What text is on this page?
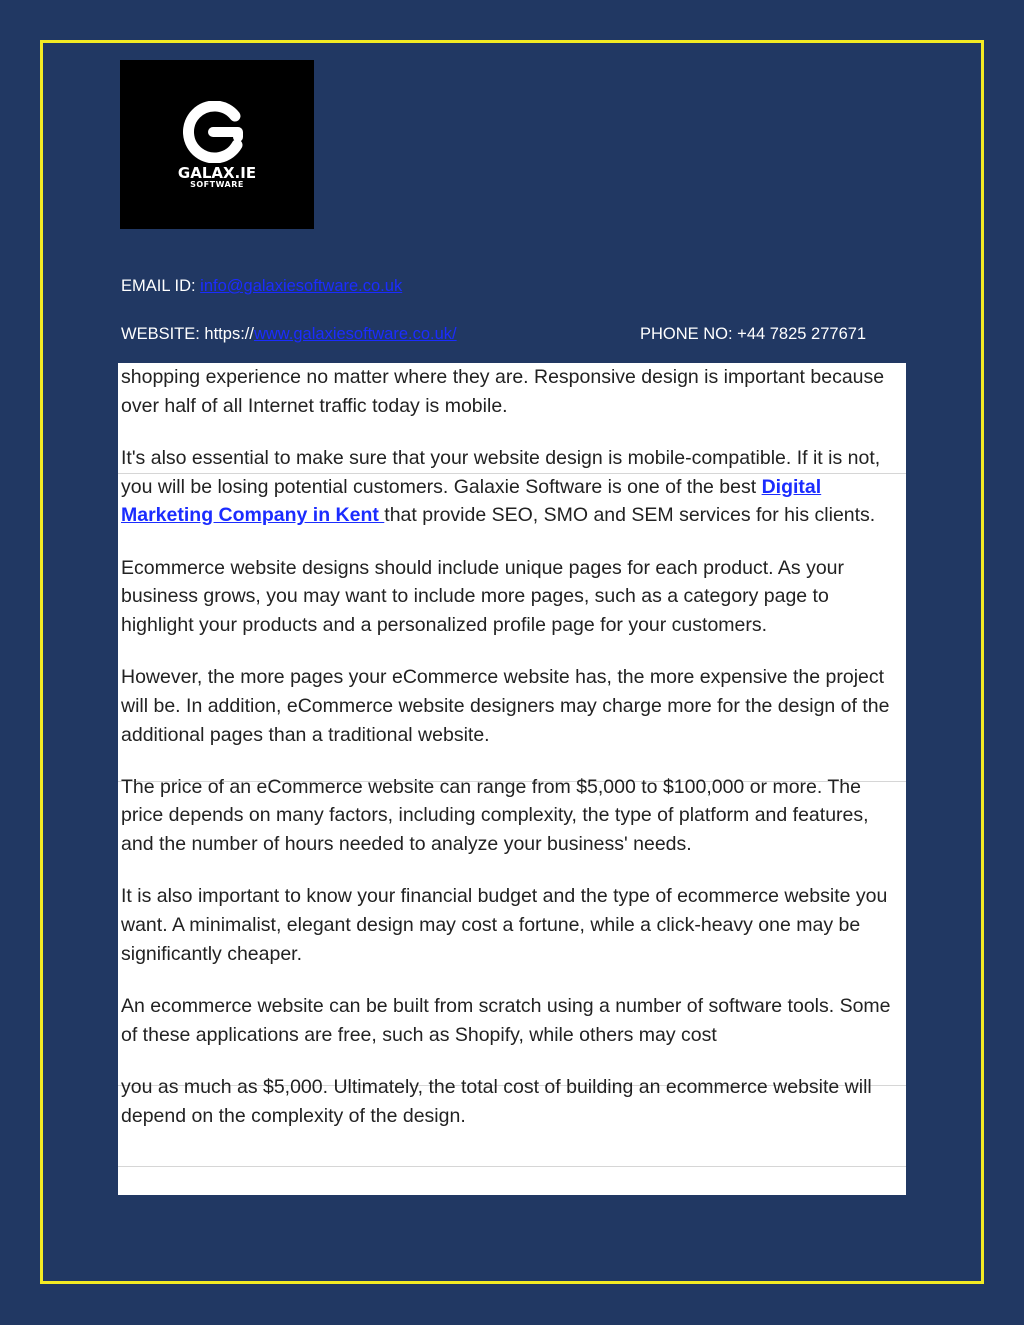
GALAX.IE
SOFTWARE
EMAIL ID: info@galaxiesoftware.co.uk
WEBSITE: https://www.galaxiesoftware.co.uk/	PHONE NO: +44 7825 277671

shopping experience no matter where they are. Responsive design is important because over half of all Internet traffic today is mobile.

It's also essential to make sure that your website design is mobile-compatible. If it is not, you will be losing potential customers. Galaxie Software is one of the best Digital Marketing Company in Kent that provide SEO, SMO and SEM services for his clients.

Ecommerce website designs should include unique pages for each product. As your business grows, you may want to include more pages, such as a category page to highlight your products and a personalized profile page for your customers.

However, the more pages your eCommerce website has, the more expensive the project will be. In addition, eCommerce website designers may charge more for the design of the additional pages than a traditional website.

The price of an eCommerce website can range from $5,000 to $100,000 or more. The price depends on many factors, including complexity, the type of platform and features, and the number of hours needed to analyze your business' needs.

It is also important to know your financial budget and the type of ecommerce website you want. A minimalist, elegant design may cost a fortune, while a click-heavy one may be significantly cheaper.

An ecommerce website can be built from scratch using a number of software tools. Some of these applications are free, such as Shopify, while others may cost

you as much as $5,000. Ultimately, the total cost of building an ecommerce website will depend on the complexity of the design.
